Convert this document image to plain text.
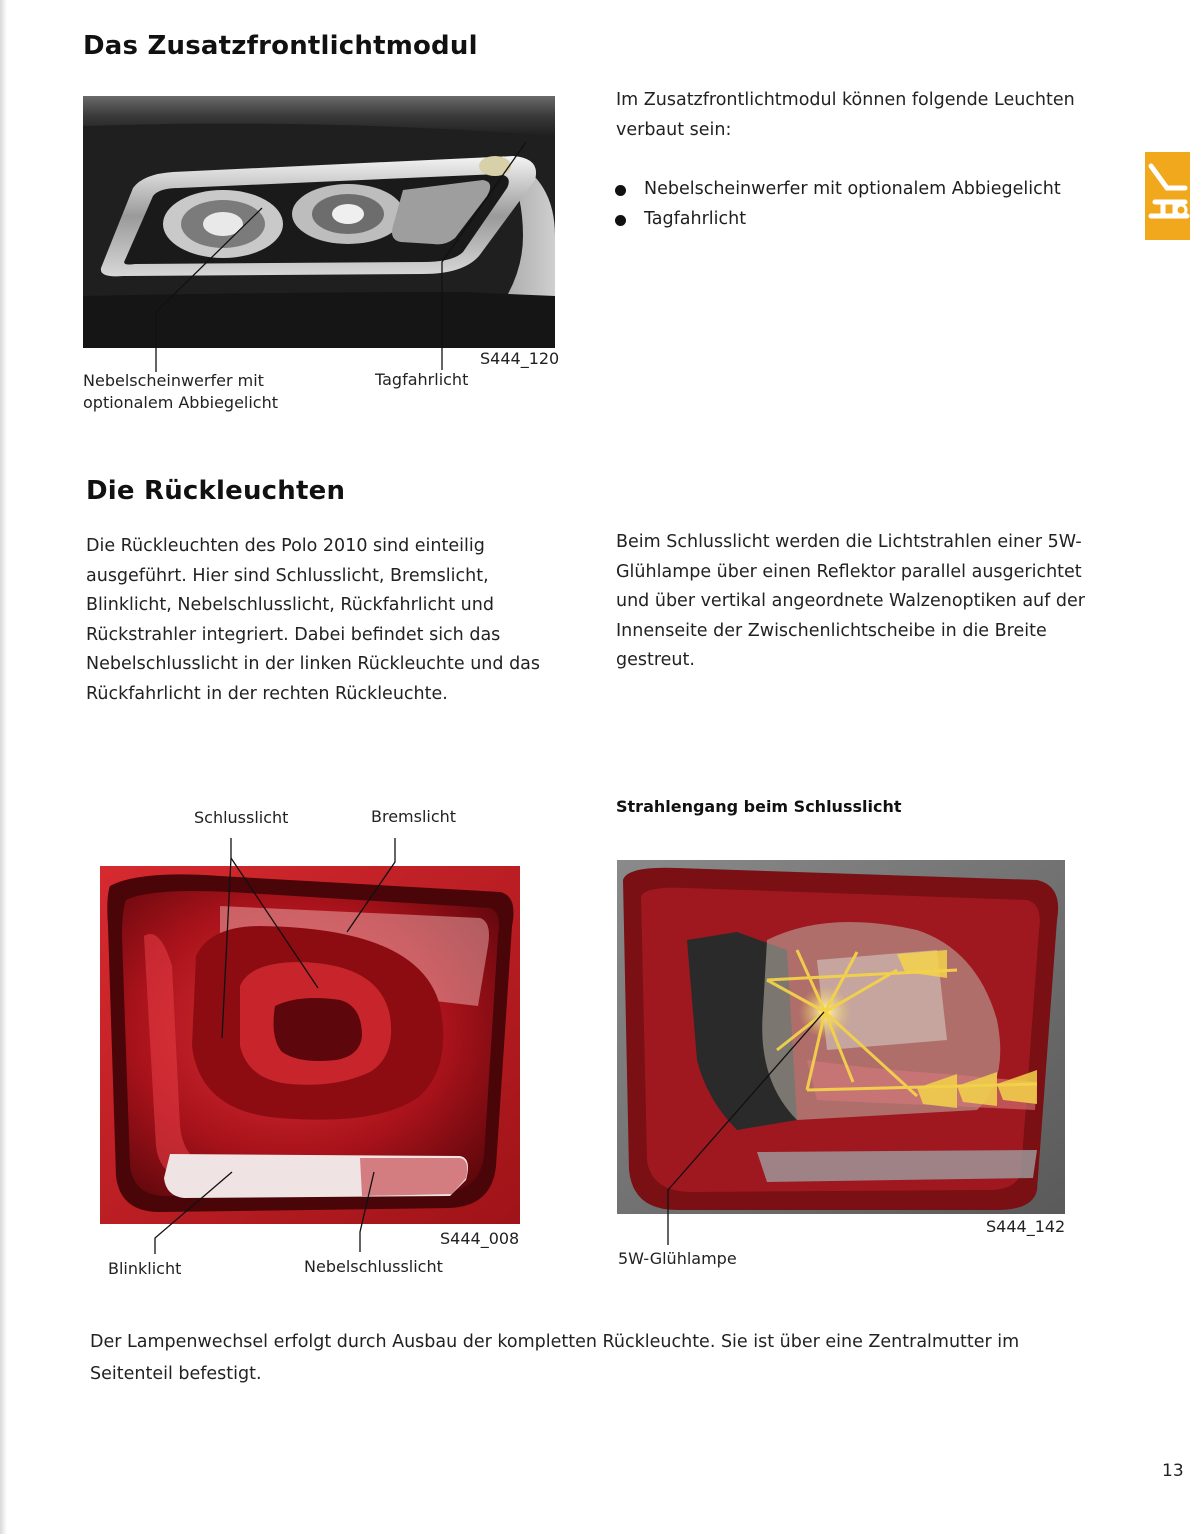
Das Zusatzfrontlichtmodul
S444_120
Nebelscheinwerfer mit
optionalem Abbiegelicht
Tagfahrlicht
Im Zusatzfrontlichtmodul können folgende Leuchten verbaut sein:
Nebelscheinwerfer mit optionalem Abbiegelicht
Tagfahrlicht
Die Rückleuchten
Die Rückleuchten des Polo 2010 sind einteilig ausgeführt. Hier sind Schlusslicht, Bremslicht, Blinklicht, Nebelschlusslicht, Rückfahrlicht und Rückstrahler integriert. Dabei befindet sich das Nebelschlusslicht in der linken Rückleuchte und das Rückfahrlicht in der rechten Rückleuchte.
Beim Schlusslicht werden die Lichtstrahlen einer 5W-Glühlampe über einen Reflektor parallel ausgerichtet und über vertikal angeordnete Walzenoptiken auf der Innenseite der Zwischenlichtscheibe in die Breite gestreut.
Schlusslicht	Bremslicht
S444_008
Blinklicht	Nebelschlusslicht
Strahlengang beim Schlusslicht
S444_142
5W-Glühlampe
Der Lampenwechsel erfolgt durch Ausbau der kompletten Rückleuchte. Sie ist über eine Zentralmutter im Seitenteil befestigt.
13
